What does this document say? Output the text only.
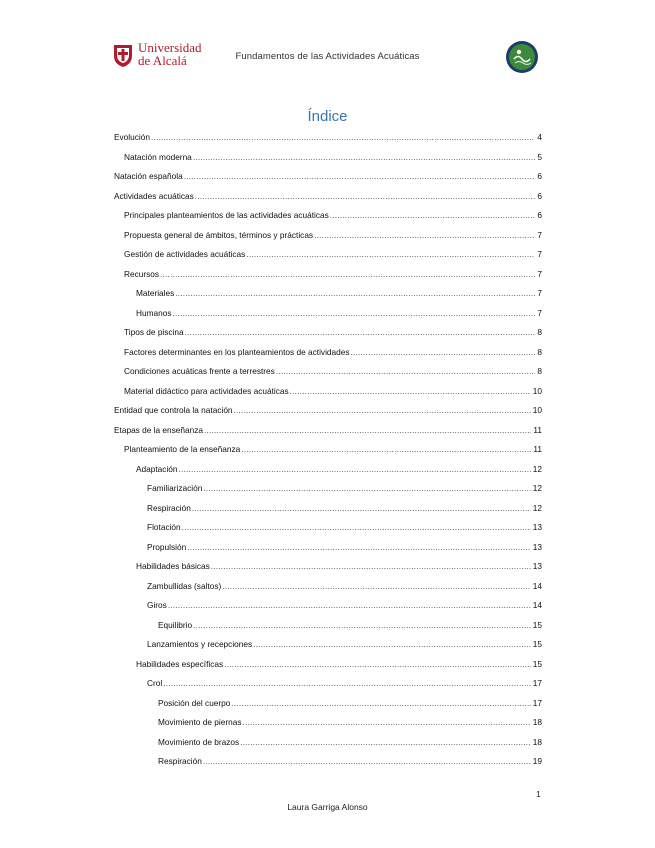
Universidad
de Alcalá	Fundamentos de las Actividades Acuáticas
Índice
Evolución .....	4
Natación moderna .....	5
Natación española .....	6
Actividades acuáticas .....	6
Principales planteamientos de las actividades acuáticas .....	6
Propuesta general de ámbitos, términos y prácticas .....	7
Gestión de actividades acuáticas .....	7
Recursos .....	7
Materiales .....	7
Humanos .....	7
Tipos de piscina .....	8
Factores determinantes en los planteamientos de actividades .....	8
Condiciones acuáticas frente a terrestres .....	8
Material didáctico para actividades acuáticas .....	10
Entidad que controla la natación .....	10
Etapas de la enseñanza .....	11
Planteamiento de la enseñanza .....	11
Adaptación .....	12
Familiarización .....	12
Respiración .....	12
Flotación .....	13
Propulsión .....	13
Habilidades básicas .....	13
Zambullidas (saltos) .....	14
Giros .....	14
Equilibrio .....	15
Lanzamientos y recepciones .....	15
Habilidades específicas .....	15
Crol .....	17
Posición del cuerpo .....	17
Movimiento de piernas .....	18
Movimiento de brazos .....	18
Respiración .....	19
1
Laura Garriga Alonso
